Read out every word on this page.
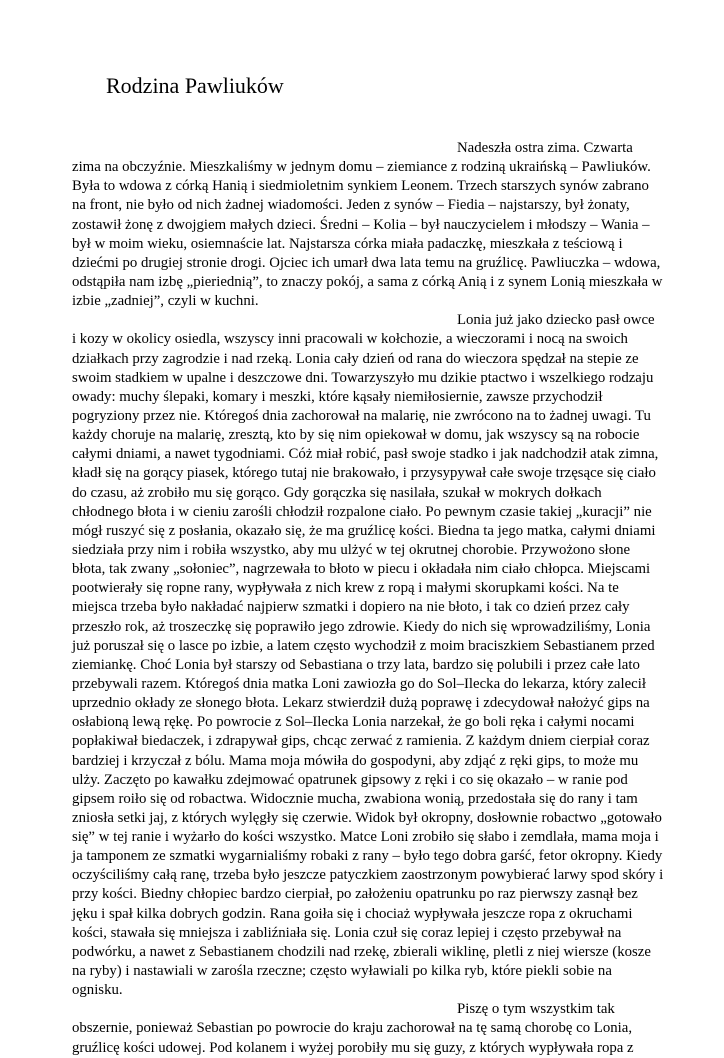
Rodzina Pawliuków
Nadeszła ostra zima. Czwarta
zima na obczyźnie. Mieszkaliśmy w jednym domu – ziemiance z rodziną ukraińską – Pawliuków.
Była to wdowa z córką Hanią i siedmioletnim synkiem Leonem. Trzech starszych synów zabrano
na front, nie było od nich żadnej wiadomości. Jeden z synów – Fiedia – najstarszy, był żonaty,
zostawił żonę z dwojgiem małych dzieci. Średni – Kolia – był nauczycielem i młodszy – Wania –
był w moim wieku, osiemnaście lat. Najstarsza córka miała padaczkę, mieszkała z teściową i
dziećmi po drugiej stronie drogi. Ojciec ich umarł dwa lata temu na gruźlicę. Pawliuczka – wdowa,
odstąpiła nam izbę „pieriednią”, to znaczy pokój, a sama z córką Anią i z synem Lonią mieszkała w
izbie „zadniej”, czyli w kuchni.
Lonia już jako dziecko pasł owce
i kozy w okolicy osiedla, wszyscy inni pracowali w kołchozie, a wieczorami i nocą na swoich
działkach przy zagrodzie i nad rzeką. Lonia cały dzień od rana do wieczora spędzał na stepie ze
swoim stadkiem w upalne i deszczowe dni. Towarzyszyło mu dzikie ptactwo i wszelkiego rodzaju
owady: muchy ślepaki, komary i meszki, które kąsały niemiłosiernie, zawsze przychodził
pogryziony przez nie. Któregoś dnia zachorował na malarię, nie zwrócono na to żadnej uwagi. Tu
każdy choruje na malarię, zresztą, kto by się nim opiekował w domu, jak wszyscy są na robocie
całymi dniami, a nawet tygodniami. Cóż miał robić, pasł swoje stadko i jak nadchodził atak zimna,
kładł się na gorący piasek, którego tutaj nie brakowało, i przysypywał całe swoje trzęsące się ciało
do czasu, aż zrobiło mu się gorąco. Gdy gorączka się nasilała, szukał w mokrych dołkach
chłodnego błota i w cieniu zarośli chłodził rozpalone ciało. Po pewnym czasie takiej „kuracji” nie
mógł ruszyć się z posłania, okazało się, że ma gruźlicę kości. Biedna ta jego matka, całymi dniami
siedziała przy nim i robiła wszystko, aby mu ulżyć w tej okrutnej chorobie. Przywożono słone
błota, tak zwany „sołoniec”, nagrzewała to błoto w piecu i okładała nim ciało chłopca. Miejscami
pootwierały się ropne rany, wypływała z nich krew z ropą i małymi skorupkami kości. Na te
miejsca trzeba było nakładać najpierw szmatki i dopiero na nie błoto, i tak co dzień przez cały
przeszło rok, aż troszeczkę się poprawiło jego zdrowie. Kiedy do nich się wprowadziliśmy, Lonia
już poruszał się o lasce po izbie, a latem często wychodził z moim braciszkiem Sebastianem przed
ziemiankę. Choć Lonia był starszy od Sebastiana o trzy lata, bardzo się polubili i przez całe lato
przebywali razem. Któregoś dnia matka Loni zawiozła go do Sol–Ilecka do lekarza, który zalecił
uprzednio okłady ze słonego błota. Lekarz stwierdził dużą poprawę i zdecydował nałożyć gips na
osłabioną lewą rękę. Po powrocie z Sol–Ilecka Lonia narzekał, że go boli ręka i całymi nocami
popłakiwał biedaczek, i zdrapywał gips, chcąc zerwać z ramienia. Z każdym dniem cierpiał coraz
bardziej i krzyczał z bólu. Mama moja mówiła do gospodyni, aby zdjąć z ręki gips, to może mu
ulży. Zaczęto po kawałku zdejmować opatrunek gipsowy z ręki i co się okazało – w ranie pod
gipsem roiło się od robactwa. Widocznie mucha, zwabiona wonią, przedostała się do rany i tam
zniosła setki jaj, z których wylęgły się czerwie. Widok był okropny, dosłownie robactwo „gotowało
się” w tej ranie i wyżarło do kości wszystko. Matce Loni zrobiło się słabo i zemdlała, mama moja i
ja tamponem ze szmatki wygarnialiśmy robaki z rany – było tego dobra garść, fetor okropny. Kiedy
oczyściliśmy całą ranę, trzeba było jeszcze patyczkiem zaostrzonym powybierać larwy spod skóry i
przy kości. Biedny chłopiec bardzo cierpiał, po założeniu opatrunku po raz pierwszy zasnął bez
jęku i spał kilka dobrych godzin. Rana goiła się i chociaż wypływała jeszcze ropa z okruchami
kości, stawała się mniejsza i zabliźniała się. Lonia czuł się coraz lepiej i często przebywał na
podwórku, a nawet z Sebastianem chodzili nad rzekę, zbierali wiklinę, pletli z niej wiersze (kosze
na ryby) i nastawiali w zarośla rzeczne; często wyławiali po kilka ryb, które piekli sobie na
ognisku.
Piszę o tym wszystkim tak
obszernie, ponieważ Sebastian po powrocie do kraju zachorował na tę samą chorobę co Lonia,
gruźlicę kości udowej. Pod kolanem i wyżej porobiły mu się guzy, z których wypływała ropa z
